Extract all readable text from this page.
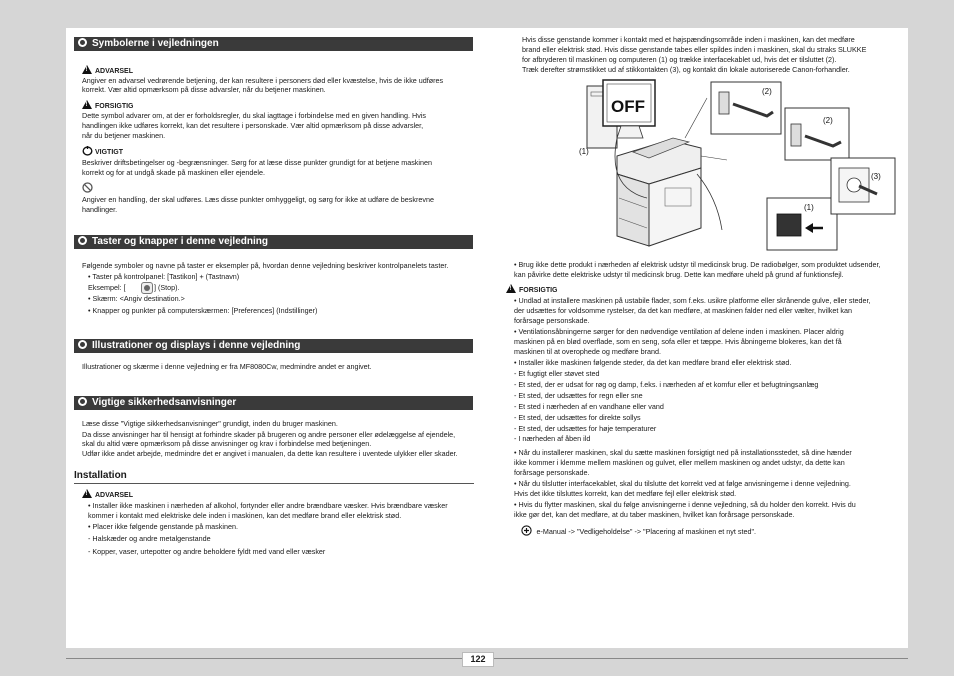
Symbolerne i vejledningen
!ADVARSEL
Angiver en advarsel vedrørende betjening, der kan resultere i personers død eller kvæstelse, hvis de ikke udføres
korrekt. Vær altid opmærksom på disse advarsler, når du betjener maskinen.
!FORSIGTIG
Dette symbol advarer om, at der er forholdsregler, du skal iagttage i forbindelse med en given handling. Hvis
handlingen ikke udføres korrekt, kan det resultere i personskade. Vær altid opmærksom på disse advarsler,
når du betjener maskinen.
VIGTIGT
Beskriver driftsbetingelser og -begrænsninger. Sørg for at læse disse punkter grundigt for at betjene maskinen
korrekt og for at undgå skade på maskinen eller ejendele.
Angiver en handling, der skal udføres. Læs disse punkter omhyggeligt, og sørg for ikke at udføre de beskrevne
handlinger.
Taster og knapper i denne vejledning
Følgende symboler og navne på taster er eksempler på, hvordan denne vejledning beskriver kontrolpanelets taster.
• Taster på kontrolpanel: [Tastikon] + (Tastnavn)
Eksempel: [	] (Stop).
• Skærm: <Angiv destination.>
• Knapper og punkter på computerskærmen: [Preferences] (Indstillinger)
Illustrationer og displays i denne vejledning
Illustrationer og skærme i denne vejledning er fra MF8080Cw, medmindre andet er angivet.
Vigtige sikkerhedsanvisninger
Læse disse "Vigtige sikkerhedsanvisninger" grundigt, inden du bruger maskinen.
Da disse anvisninger har til hensigt at forhindre skader på brugeren og andre personer eller ødelæggelse af ejendele,
skal du altid være opmærksom på disse anvisninger og krav i forbindelse med betjeningen.
Udfør ikke andet arbejde, medmindre det er angivet i manualen, da dette kan resultere i uventede ulykker eller skader.
Installation
!ADVARSEL
• Installer ikke maskinen i nærheden af alkohol, fortynder eller andre brændbare væsker. Hvis brændbare væsker
kommer i kontakt med elektriske dele inden i maskinen, kan det medføre brand eller elektrisk stød.
• Placer ikke følgende genstande på maskinen.
- Halskæder og andre metalgenstande
- Kopper, vaser, urtepotter og andre beholdere fyldt med vand eller væsker
Hvis disse genstande kommer i kontakt med et højspændingsområde inden i maskinen, kan det medføre
brand eller elektrisk stød. Hvis disse genstande tabes eller spildes inden i maskinen, skal du straks SLUKKE
for afbryderen til maskinen og computeren (1) og trække interfacekablet ud, hvis det er tilsluttet (2).
Træk derefter strømstikket ud af stikkontakten (3), og kontakt din lokale autoriserede Canon-forhandler.
OFF
(2)
(2)
(1)
(3)
(1)
• Brug ikke dette produkt i nærheden af elektrisk udstyr til medicinsk brug. De radiobølger, som produktet udsender,
kan påvirke dette elektriske udstyr til medicinsk brug. Dette kan medføre uheld på grund af funktionsfejl.
!FORSIGTIG
• Undlad at installere maskinen på ustabile flader, som f.eks. usikre platforme eller skrånende gulve, eller steder,
der udsættes for voldsomme rystelser, da det kan medføre, at maskinen falder ned eller vælter, hvilket kan
forårsage personskade.
• Ventilationsåbningerne sørger for den nødvendige ventilation af delene inden i maskinen. Placer aldrig
maskinen på en blød overflade, som en seng, sofa eller et tæppe. Hvis åbningerne blokeres, kan det få
maskinen til at overophede og medføre brand.
• Installer ikke maskinen følgende steder, da det kan medføre brand eller elektrisk stød.
- Et fugtigt eller støvet sted
- Et sted, der er udsat for røg og damp, f.eks. i nærheden af et komfur eller et befugtningsanlæg
- Et sted, der udsættes for regn eller sne
- Et sted i nærheden af en vandhane eller vand
- Et sted, der udsættes for direkte sollys
- Et sted, der udsættes for høje temperaturer
- I nærheden af åben ild
• Når du installerer maskinen, skal du sætte maskinen forsigtigt ned på installationsstedet, så dine hænder
ikke kommer i klemme mellem maskinen og gulvet, eller mellem maskinen og andet udstyr, da dette kan
forårsage personskade.
• Når du tilslutter interfacekablet, skal du tilslutte det korrekt ved at følge anvisningerne i denne vejledning.
Hvis det ikke tilsluttes korrekt, kan det medføre fejl eller elektrisk stød.
• Hvis du flytter maskinen, skal du følge anvisningerne i denne vejledning, så du holder den korrekt. Hvis du
ikke gør det, kan det medføre, at du taber maskinen, hvilket kan forårsage personskade.
e-Manual -> "Vedligeholdelse" -> "Placering af maskinen et nyt sted".
122
